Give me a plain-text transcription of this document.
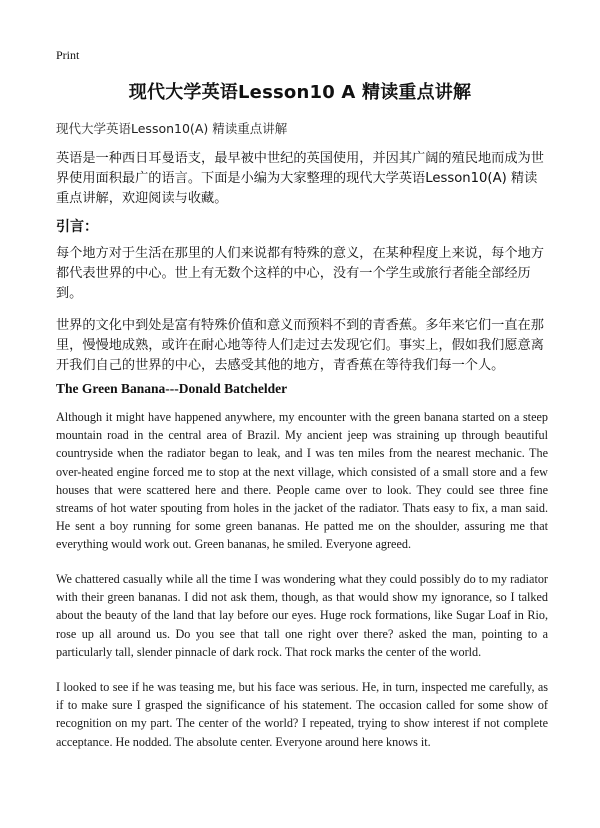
Print
现代大学英语Lesson10 A 精读重点讲解
现代大学英语Lesson10(A) 精读重点讲解

英语是一种西日耳曼语支，最早被中世纪的英国使用，并因其广阔的殖民地而成为世界使用面积最广的语言。下面是小编为大家整理的现代大学英语Lesson10(A) 精读重点讲解，欢迎阅读与收藏。

引言：

每个地方对于生活在那里的人们来说都有特殊的意义，在某种程度上来说，每个地方都代表世界的中心。世上有无数个这样的中心，没有一个学生或旅行者能全部经历到。

世界的文化中到处是富有特殊价值和意义而预料不到的青香蕉。多年来它们一直在那里，慢慢地成熟，或许在耐心地等待人们走过去发现它们。事实上，假如我们愿意离开我们自己的世界的中心，去感受其他的地方，青香蕉在等待我们每一个人。

The Green Banana---Donald Batchelder

Although it might have happened anywhere, my encounter with the green banana started on a steep mountain road in the central area of Brazil. My ancient jeep was straining up through beautiful countryside when the radiator began to leak, and I was ten miles from the nearest mechanic. The over-heated engine forced me to stop at the next village, which consisted of a small store and a few houses that were scattered here and there. People came over to look. They could see three fine streams of hot water spouting from holes in the jacket of the radiator. Thats easy to fix, a man said. He sent a boy running for some green bananas. He patted me on the shoulder, assuring me that everything would work out. Green bananas, he smiled. Everyone agreed.

We chattered casually while all the time I was wondering what they could possibly do to my radiator with their green bananas. I did not ask them, though, as that would show my ignorance, so I talked about the beauty of the land that lay before our eyes. Huge rock formations, like Sugar Loaf in Rio, rose up all around us. Do you see that tall one right over there? asked the man, pointing to a particularly tall, slender pinnacle of dark rock. That rock marks the center of the world.

I looked to see if he was teasing me, but his face was serious. He, in turn, inspected me carefully, as if to make sure I grasped the significance of his statement. The occasion called for some show of recognition on my part. The center of the world? I repeated, trying to show interest if not complete acceptance. He nodded. The absolute center. Everyone around here knows it.
